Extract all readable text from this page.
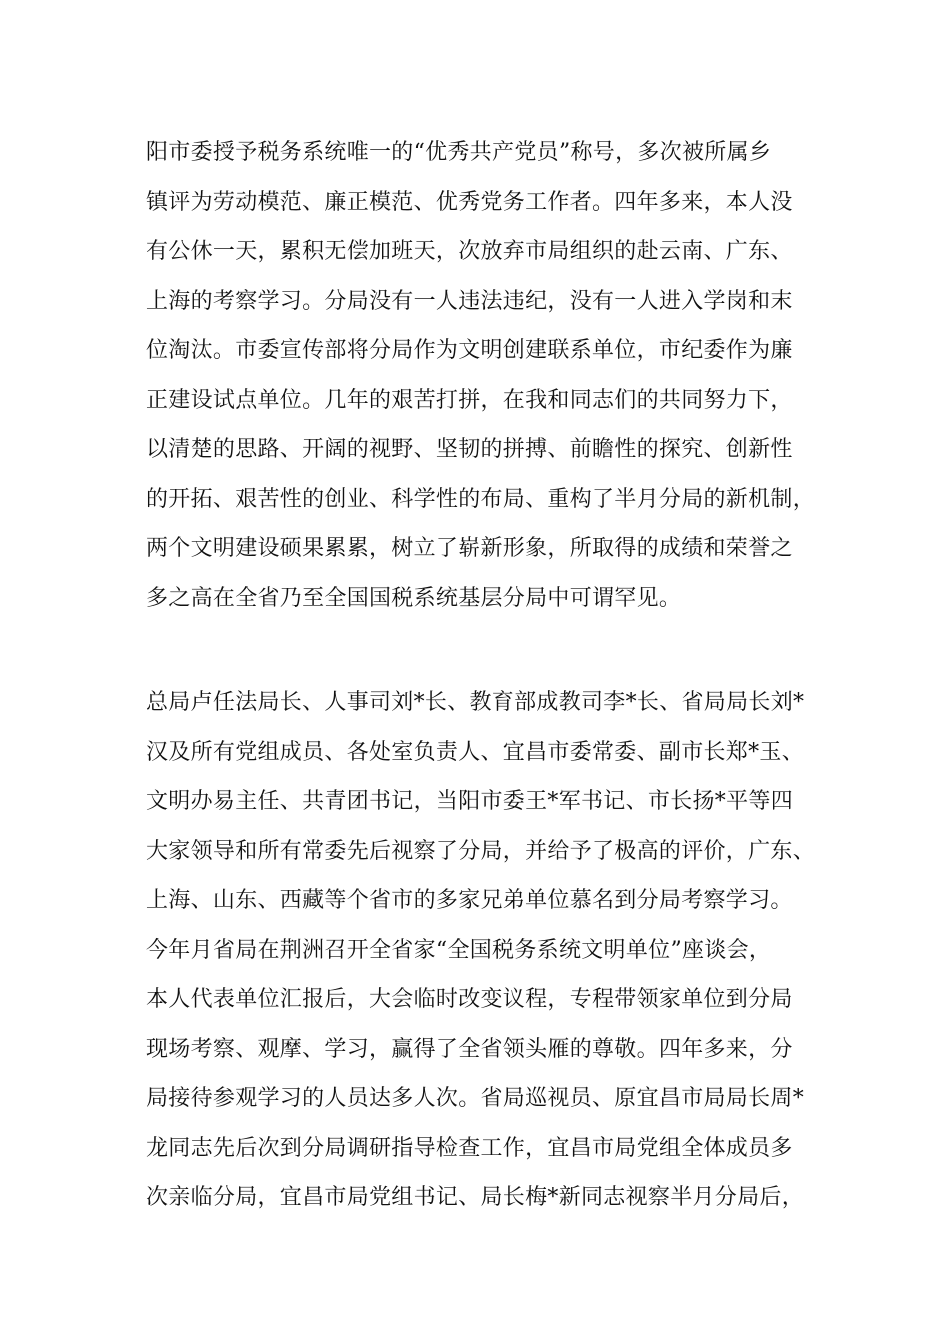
阳市委授予税务系统唯一的“优秀共产党员”称号，多次被所属乡
镇评为劳动模范、廉正模范、优秀党务工作者。四年多来，本人没
有公休一天，累积无偿加班天，次放弃市局组织的赴云南、广东、
上海的考察学习。分局没有一人违法违纪，没有一人进入学岗和末
位淘汰。市委宣传部将分局作为文明创建联系单位，市纪委作为廉
正建设试点单位。几年的艰苦打拼，在我和同志们的共同努力下，
以清楚的思路、开阔的视野、坚韧的拼搏、前瞻性的探究、创新性
的开拓、艰苦性的创业、科学性的布局、重构了半月分局的新机制，
两个文明建设硕果累累，树立了崭新形象，所取得的成绩和荣誉之
多之高在全省乃至全国国税系统基层分局中可谓罕见。
总局卢任法局长、人事司刘*长、教育部成教司李*长、省局局长刘*
汉及所有党组成员、各处室负责人、宜昌市委常委、副市长郑*玉、
文明办易主任、共青团书记，当阳市委王*军书记、市长扬*平等四
大家领导和所有常委先后视察了分局，并给予了极高的评价，广东、
上海、山东、西藏等个省市的多家兄弟单位慕名到分局考察学习。
今年月省局在荆洲召开全省家“全国税务系统文明单位”座谈会，
本人代表单位汇报后，大会临时改变议程，专程带领家单位到分局
现场考察、观摩、学习，赢得了全省领头雁的尊敬。四年多来，分
局接待参观学习的人员达多人次。省局巡视员、原宜昌市局局长周*
龙同志先后次到分局调研指导检查工作，宜昌市局党组全体成员多
次亲临分局，宜昌市局党组书记、局长梅*新同志视察半月分局后，
